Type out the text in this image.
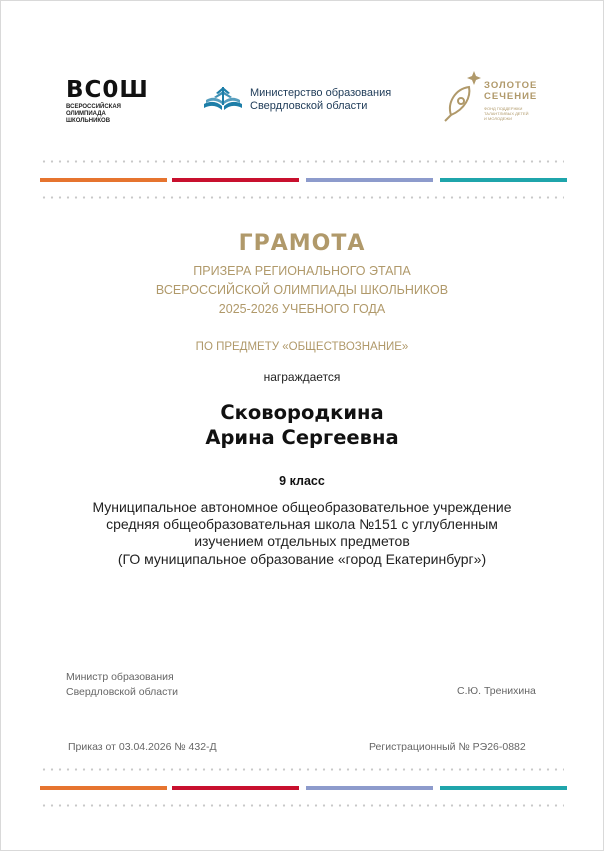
ВС0Ш
ВСЕРОССИЙСКАЯ
ОЛИМПИАДА
ШКОЛЬНИКОВ
Министерство образования
Свердловской области
ЗОЛОТОЕ
СЕЧЕНИЕ
ФОНД ПОДДЕРЖКИ
ТАЛАНТЛИВЫХ ДЕТЕЙ
И МОЛОДЕЖИ
ГРАМОТА
ПРИЗЕРА РЕГИОНАЛЬНОГО ЭТАПА
ВСЕРОССИЙСКОЙ ОЛИМПИАДЫ ШКОЛЬНИКОВ
2025-2026 УЧЕБНОГО ГОДА
ПО ПРЕДМЕТУ «ОБЩЕСТВОЗНАНИЕ»
награждается
Сковородкина
Арина Сергеевна
9 класс
Муниципальное автономное общеобразовательное учреждение
средняя общеобразовательная школа №151 с углубленным
изучением отдельных предметов
(ГО муниципальное образование «город Екатеринбург»)
Министр образования
Свердловской области	С.Ю. Тренихина
Приказ от 03.04.2026 № 432-Д	Регистрационный № РЭ26-0882
